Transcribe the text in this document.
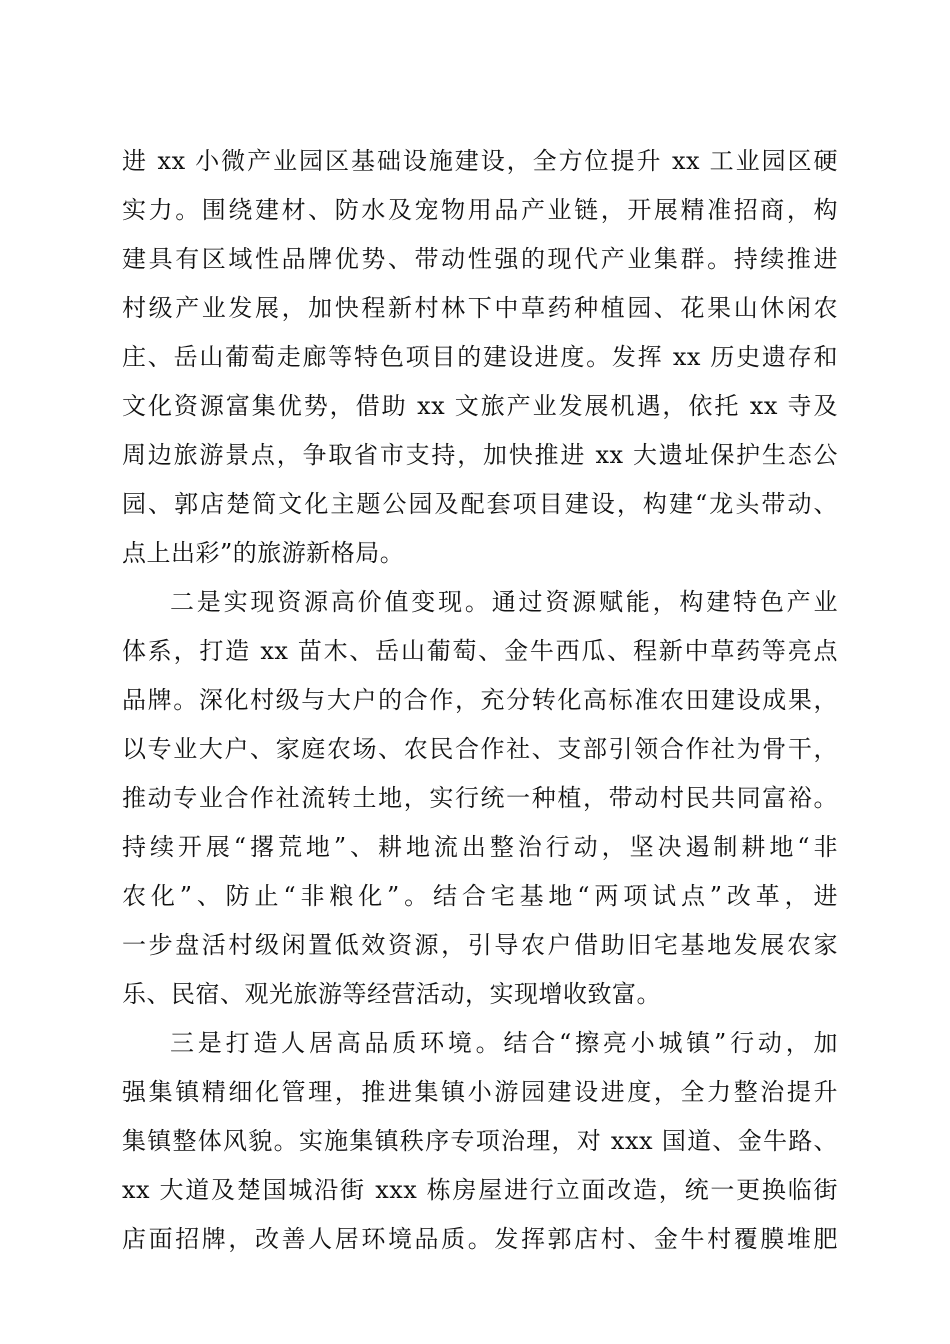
进 xx 小微产业园区基础设施建设，全方位提升 xx 工业园区硬
实力。围绕建材、防水及宠物用品产业链，开展精准招商，构
建具有区域性品牌优势、带动性强的现代产业集群。持续推进
村级产业发展，加快程新村林下中草药种植园、花果山休闲农
庄、岳山葡萄走廊等特色项目的建设进度。发挥 xx 历史遗存和
文化资源富集优势，借助 xx 文旅产业发展机遇，依托 xx 寺及
周边旅游景点，争取省市支持，加快推进 xx 大遗址保护生态公
园、郭店楚简文化主题公园及配套项目建设，构建“龙头带动、
点上出彩”的旅游新格局。
二是实现资源高价值变现。通过资源赋能，构建特色产业
体系，打造 xx 苗木、岳山葡萄、金牛西瓜、程新中草药等亮点
品牌。深化村级与大户的合作，充分转化高标准农田建设成果，
以专业大户、家庭农场、农民合作社、支部引领合作社为骨干，
推动专业合作社流转土地，实行统一种植，带动村民共同富裕。
持续开展“撂荒地”、耕地流出整治行动，坚决遏制耕地“非
农化”、防止“非粮化”。结合宅基地“两项试点”改革，进
一步盘活村级闲置低效资源，引导农户借助旧宅基地发展农家
乐、民宿、观光旅游等经营活动，实现增收致富。
三是打造人居高品质环境。结合“擦亮小城镇”行动，加
强集镇精细化管理，推进集镇小游园建设进度，全力整治提升
集镇整体风貌。实施集镇秩序专项治理，对 xxx 国道、金牛路、
xx 大道及楚国城沿街 xxx 栋房屋进行立面改造，统一更换临街
店面招牌，改善人居环境品质。发挥郭店村、金牛村覆膜堆肥
